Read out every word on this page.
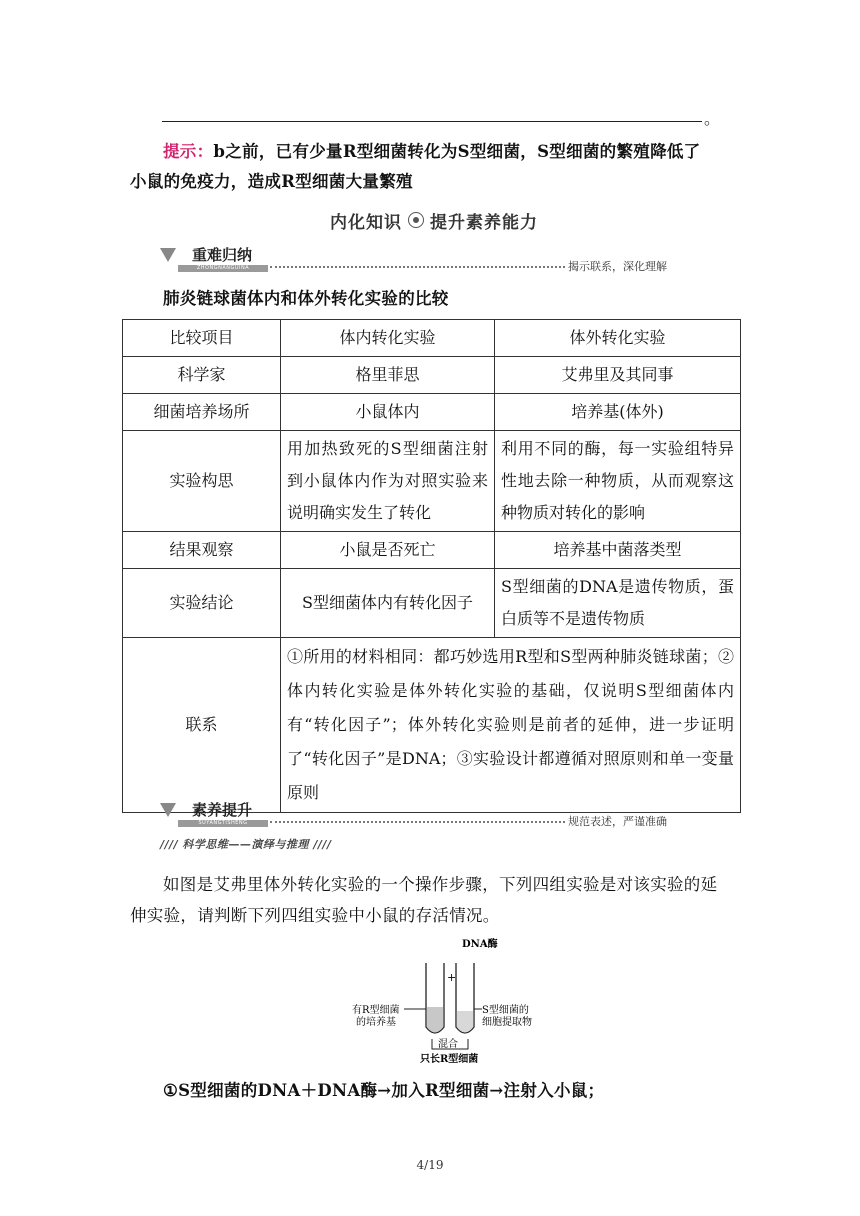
。
提示：b之前，已有少量R型细菌转化为S型细菌，S型细菌的繁殖降低了
小鼠的免疫力，造成R型细菌大量繁殖
内化知识 提升素养能力
重难归纳
ZHONGNANGUINA	揭示联系，深化理解
肺炎链球菌体内和体外转化实验的比较
比较项目	体内转化实验	体外转化实验
科学家	格里菲思	艾弗里及其同事
细菌培养场所	小鼠体内	培养基(体外)
实验构思	用加热致死的S型细菌注射到小鼠体内作为对照实验来说明确实发生了转化	利用不同的酶，每一实验组特异性地去除一种物质，从而观察这种物质对转化的影响
结果观察	小鼠是否死亡	培养基中菌落类型
实验结论	S型细菌体内有转化因子	S型细菌的DNA是遗传物质，蛋白质等不是遗传物质
联系	①所用的材料相同：都巧妙选用R型和S型两种肺炎链球菌；②体内转化实验是体外转化实验的基础，仅说明S型细菌体内有“转化因子”；体外转化实验则是前者的延伸，进一步证明了“转化因子”是DNA；③实验设计都遵循对照原则和单一变量原则	
素养提升
SUYANGTISHENG	规范表述，严谨准确
//// 科学思维——演绎与推理 ////
如图是艾弗里体外转化实验的一个操作步骤，下列四组实验是对该实验的延
伸实验，请判断下列四组实验中小鼠的存活情况。
DNA酶
+
有R型细菌
的培养基
S型细菌的
细胞提取物
混合
只长R型细菌
①S型细菌的DNA＋DNA酶→加入R型细菌→注射入小鼠；
4/19
